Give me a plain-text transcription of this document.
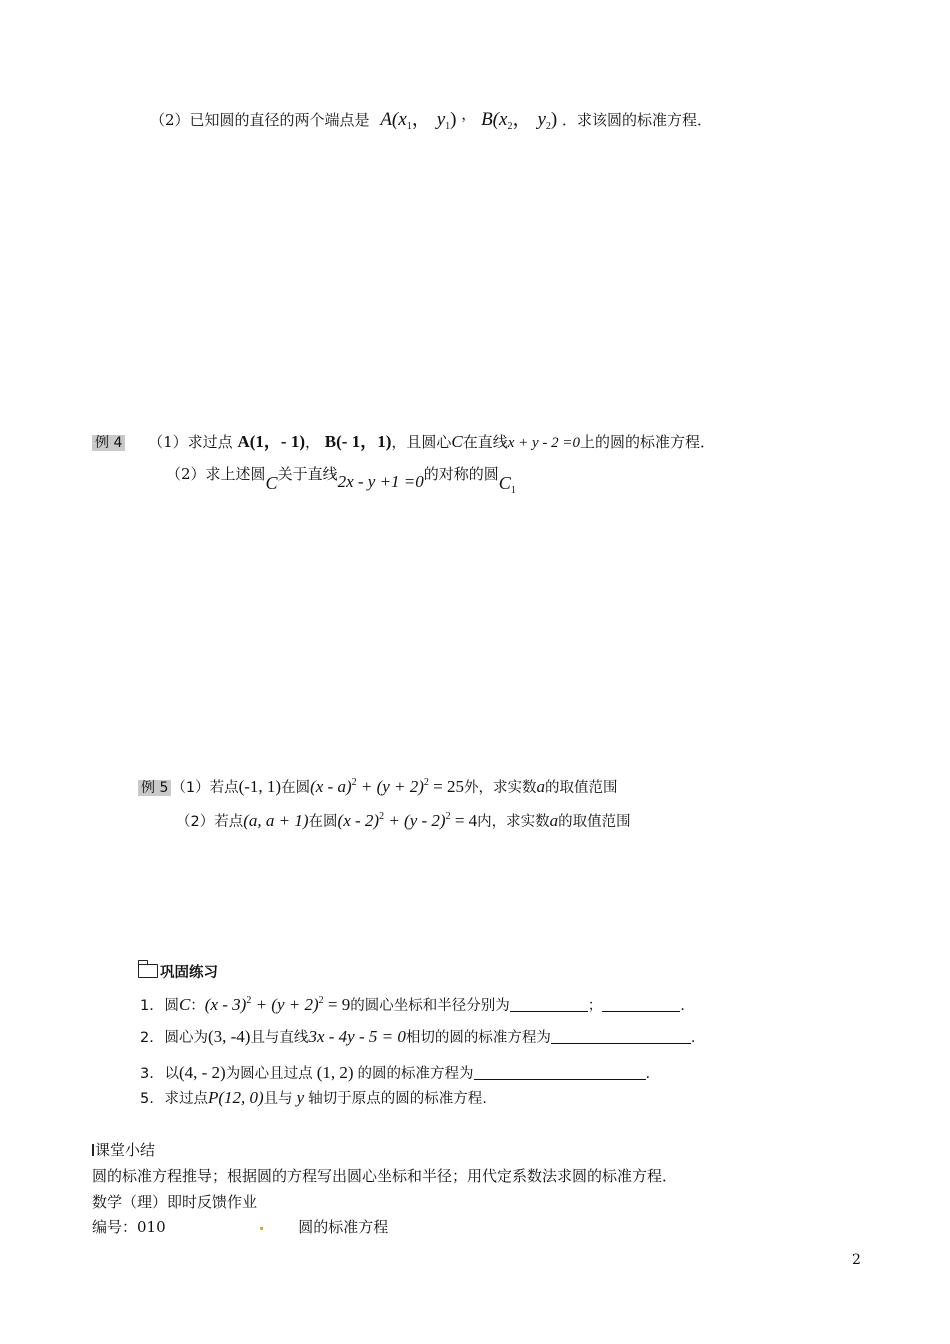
（2）已知圆的直径的两个端点是 $A(x_1$， $y_1$) ， $B(x_2$， $y_2$) ．求该圆的标准方程．
例 4 （1）求过点 A(1，- 1)， B(- 1，1)，且圆心C在直线x + y - 2 =0上的圆的标准方程．
（2）求上述圆C关于直线2x - y +1 =0的对称的圆$C_1$
例 5 （1）若点(-1, 1)在圆$(x - a)^2 + (y + 2)^2 = 25$外，求实数a的取值范围
（2）若点(a, a + 1)在圆(x - 2)$^2$ + (y - 2)$^2$ = 4内，求实数a的取值范围
巩固练习
1. 圆C：$(x - 3)^2 + (y + 2)^2 = 9$的圆心坐标和半径分别为	；	.
2. 圆心为(3, -4)且与直线3x - 4y - 5 = 0相切的圆的标准方程为	.
3. 以(4, - 2)为圆心且过点 (1, 2) 的圆的标准方程为	.
5. 求过点P(12, 0)且与 y 轴切于原点的圆的标准方程.
课堂小结
圆的标准方程推导；根据圆的方程写出圆心坐标和半径；用代定系数法求圆的标准方程．
数学（理）即时反馈作业
编号：010	圆的标准方程
2
